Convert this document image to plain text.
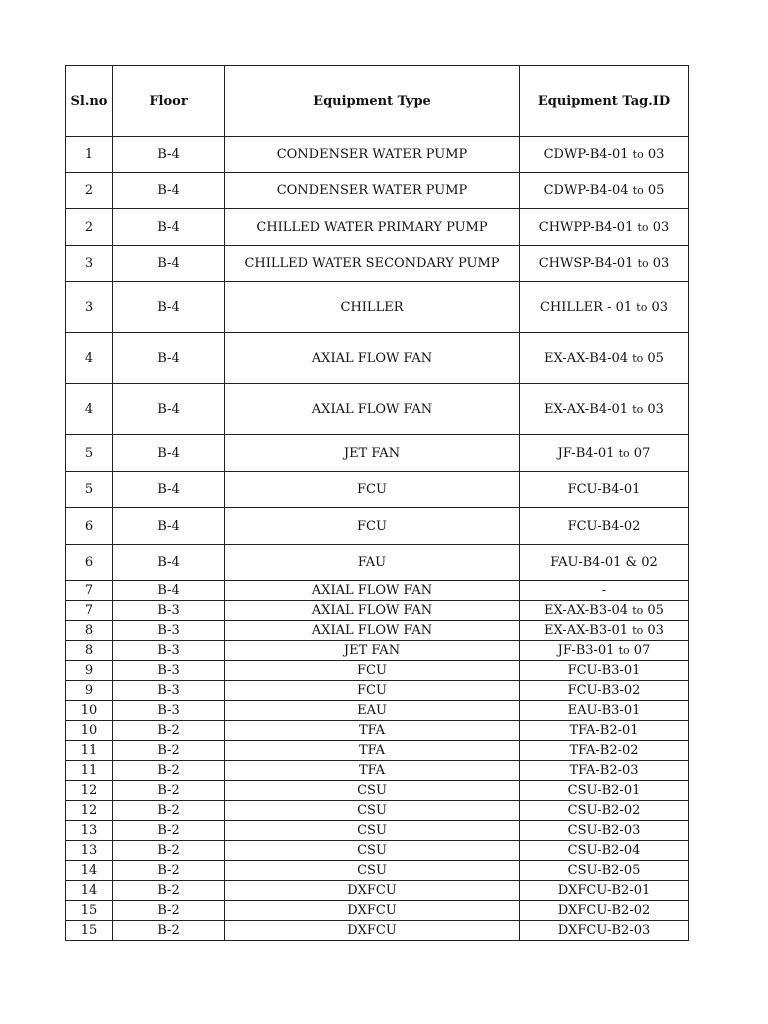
Sl.no	Floor	Equipment Type	Equipment Tag.ID
1	B-4	CONDENSER WATER PUMP	CDWP-B4-01 to 03
2	B-4	CONDENSER WATER PUMP	CDWP-B4-04 to 05
2	B-4	CHILLED WATER PRIMARY PUMP	CHWPP-B4-01 to 03
3	B-4	CHILLED WATER SECONDARY PUMP	CHWSP-B4-01 to 03
3	B-4	CHILLER	CHILLER - 01 to 03
4	B-4	AXIAL FLOW FAN	EX-AX-B4-04 to 05
4	B-4	AXIAL FLOW FAN	EX-AX-B4-01 to 03
5	B-4	JET FAN	JF-B4-01 to 07
5	B-4	FCU	FCU-B4-01
6	B-4	FCU	FCU-B4-02
6	B-4	FAU	FAU-B4-01 & 02
7	B-4	AXIAL FLOW FAN	-
7	B-3	AXIAL FLOW FAN	EX-AX-B3-04 to 05
8	B-3	AXIAL FLOW FAN	EX-AX-B3-01 to 03
8	B-3	JET FAN	JF-B3-01 to 07
9	B-3	FCU	FCU-B3-01
9	B-3	FCU	FCU-B3-02
10	B-3	EAU	EAU-B3-01
10	B-2	TFA	TFA-B2-01
11	B-2	TFA	TFA-B2-02
11	B-2	TFA	TFA-B2-03
12	B-2	CSU	CSU-B2-01
12	B-2	CSU	CSU-B2-02
13	B-2	CSU	CSU-B2-03
13	B-2	CSU	CSU-B2-04
14	B-2	CSU	CSU-B2-05
14	B-2	DXFCU	DXFCU-B2-01
15	B-2	DXFCU	DXFCU-B2-02
15	B-2	DXFCU	DXFCU-B2-03
